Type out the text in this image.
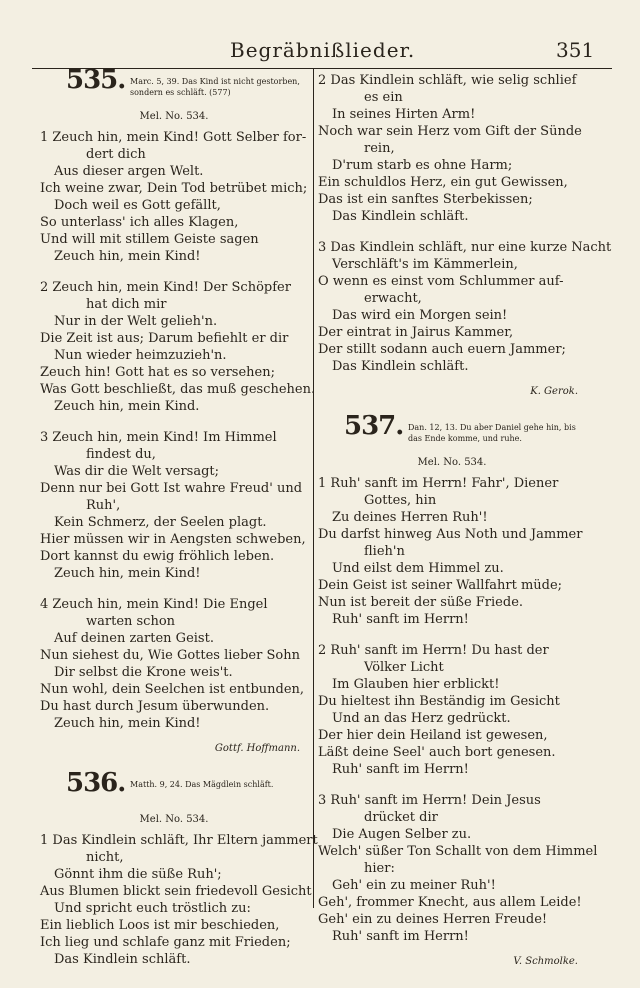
Begräbnißlieder.	351
535. Marc. 5, 39. Das Kind ist nicht gestorben, sondern es schläft. (577)
Mel. No. 534.
1 Zeuch hin, mein Kind! Gott Selber for-
dert dich
Aus dieser argen Welt.
Ich weine zwar, Dein Tod betrübet mich;
Doch weil es Gott gefällt,
So unterlass' ich alles Klagen,
Und will mit stillem Geiste sagen
Zeuch hin, mein Kind!
2 Zeuch hin, mein Kind! Der Schöpfer
hat dich mir
Nur in der Welt gelieh'n.
Die Zeit ist aus; Darum befiehlt er dir
Nun wieder heimzuzieh'n.
Zeuch hin! Gott hat es so versehen;
Was Gott beschließt, das muß geschehen.
Zeuch hin, mein Kind.
3 Zeuch hin, mein Kind! Im Himmel
findest du,
Was dir die Welt versagt;
Denn nur bei Gott Ist wahre Freud' und
Ruh',
Kein Schmerz, der Seelen plagt.
Hier müssen wir in Aengsten schweben,
Dort kannst du ewig fröhlich leben.
Zeuch hin, mein Kind!
4 Zeuch hin, mein Kind! Die Engel
warten schon
Auf deinen zarten Geist.
Nun siehest du, Wie Gottes lieber Sohn
Dir selbst die Krone weis't.
Nun wohl, dein Seelchen ist entbunden,
Du hast durch Jesum überwunden.
Zeuch hin, mein Kind!
Gottf. Hoffmann.
536. Matth. 9, 24. Das Mägdlein schläft.
Mel. No. 534.
1 Das Kindlein schläft, Ihr Eltern jammert
nicht,
Gönnt ihm die süße Ruh';
Aus Blumen blickt sein friedevoll Gesicht
Und spricht euch tröstlich zu:
Ein lieblich Loos ist mir beschieden,
Ich lieg und schlafe ganz mit Frieden;
Das Kindlein schläft.
2 Das Kindlein schläft, wie selig schlief
es ein
In seines Hirten Arm!
Noch war sein Herz vom Gift der Sünde
rein,
D'rum starb es ohne Harm;
Ein schuldlos Herz, ein gut Gewissen,
Das ist ein sanftes Sterbekissen;
Das Kindlein schläft.
3 Das Kindlein schläft, nur eine kurze Nacht
Verschläft's im Kämmerlein,
O wenn es einst vom Schlummer auf-
erwacht,
Das wird ein Morgen sein!
Der eintrat in Jairus Kammer,
Der stillt sodann auch euern Jammer;
Das Kindlein schläft.
K. Gerok.
537. Dan. 12, 13. Du aber Daniel gehe hin, bis das Ende komme, und ruhe.
Mel. No. 534.
1 Ruh' sanft im Herrn! Fahr', Diener
Gottes, hin
Zu deines Herren Ruh'!
Du darfst hinweg Aus Noth und Jammer
flieh'n
Und eilst dem Himmel zu.
Dein Geist ist seiner Wallfahrt müde;
Nun ist bereit der süße Friede.
Ruh' sanft im Herrn!
2 Ruh' sanft im Herrn! Du hast der
Völker Licht
Im Glauben hier erblickt!
Du hieltest ihn Beständig im Gesicht
Und an das Herz gedrückt.
Der hier dein Heiland ist gewesen,
Läßt deine Seel' auch bort genesen.
Ruh' sanft im Herrn!
3 Ruh' sanft im Herrn! Dein Jesus
drücket dir
Die Augen Selber zu.
Welch' süßer Ton Schallt von dem Himmel
hier:
Geh' ein zu meiner Ruh'!
Geh', frommer Knecht, aus allem Leide!
Geh' ein zu deines Herren Freude!
Ruh' sanft im Herrn!
V. Schmolke.
